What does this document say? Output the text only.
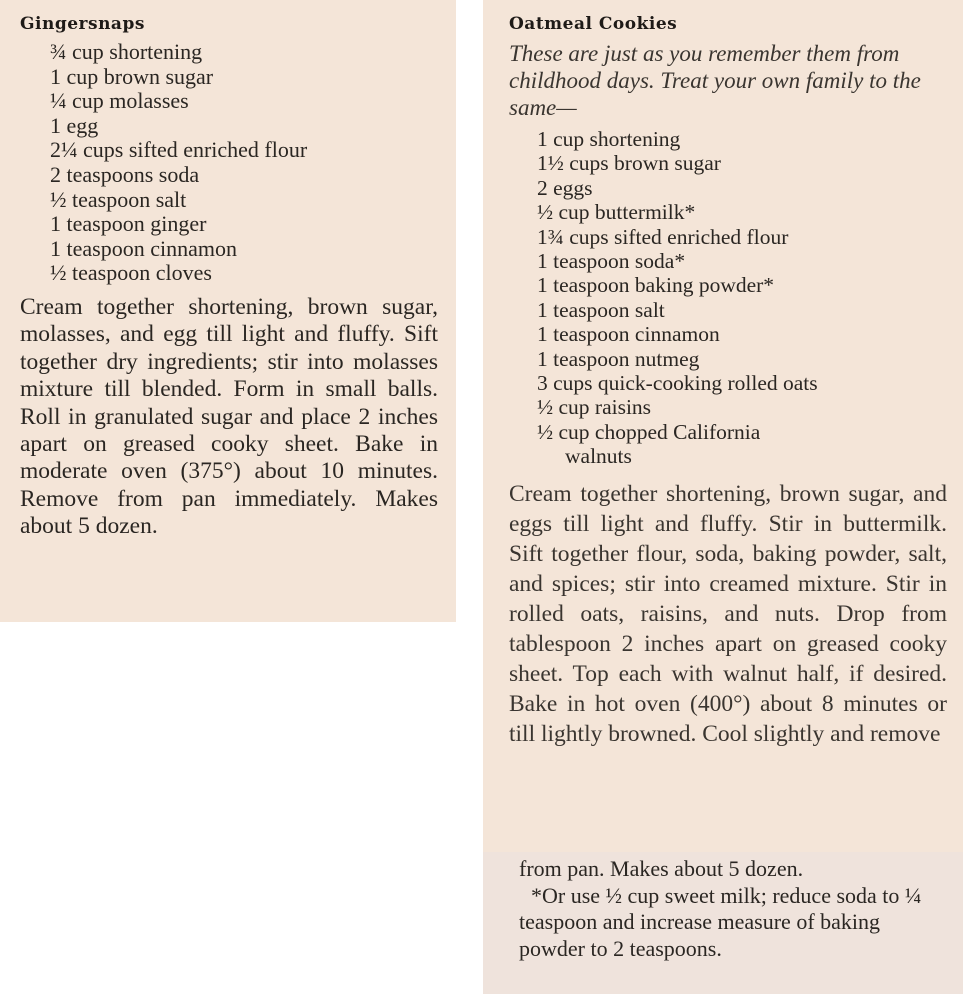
Gingersnaps
¾ cup shortening
1 cup brown sugar
¼ cup molasses
1 egg
2¼ cups sifted enriched flour
2 teaspoons soda
½ teaspoon salt
1 teaspoon ginger
1 teaspoon cinnamon
½ teaspoon cloves

Cream together shortening, brown sugar, molasses, and egg till light and fluffy. Sift together dry ingredients; stir into molasses mixture till blended. Form in small balls. Roll in granulated sugar and place 2 inches apart on greased cooky sheet. Bake in moderate oven (375°) about 10 minutes. Remove from pan immediately. Makes about 5 dozen.

Oatmeal Cookies

These are just as you remember them from childhood days. Treat your own family to the same—

1 cup shortening
1½ cups brown sugar
2 eggs
½ cup buttermilk*
1¾ cups sifted enriched flour
1 teaspoon soda*
1 teaspoon baking powder*
1 teaspoon salt
1 teaspoon cinnamon
1 teaspoon nutmeg
3 cups quick-cooking rolled oats
½ cup raisins
½ cup chopped California
walnuts

Cream together shortening, brown sugar, and eggs till light and fluffy. Stir in buttermilk. Sift together flour, soda, baking powder, salt, and spices; stir into creamed mixture. Stir in rolled oats, raisins, and nuts. Drop from tablespoon 2 inches apart on greased cooky sheet. Top each with walnut half, if desired. Bake in hot oven (400°) about 8 minutes or till lightly browned. Cool slightly and remove

from pan. Makes about 5 dozen.

*Or use ½ cup sweet milk; reduce soda to ¼ teaspoon and increase measure of baking powder to 2 teaspoons.
